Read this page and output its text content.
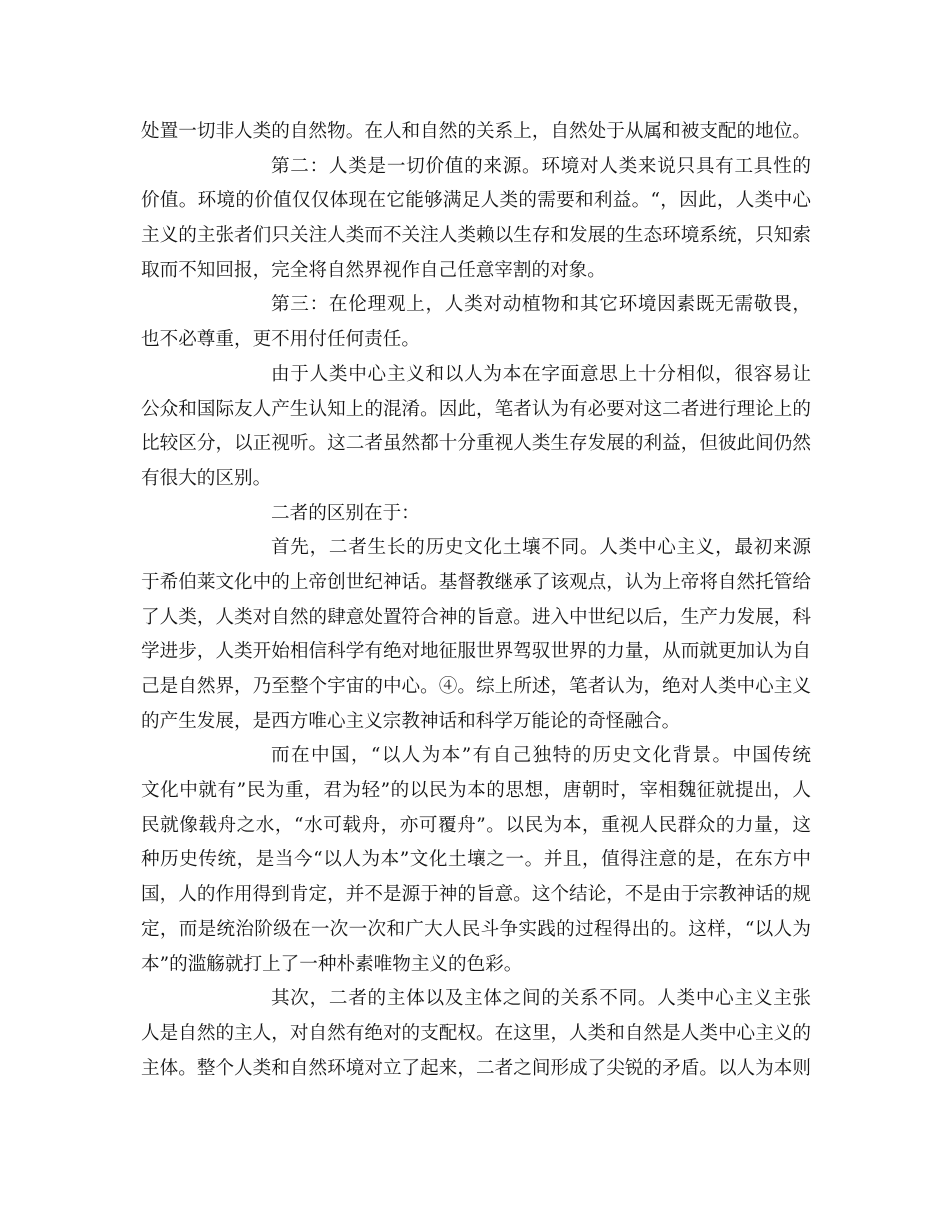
处置一切非人类的自然物。在人和自然的关系上，自然处于从属和被支配的地位。
第二：人类是一切价值的来源。环境对人类来说只具有工具性的
价值。环境的价值仅仅体现在它能够满足人类的需要和利益。“，因此，人类中心
主义的主张者们只关注人类而不关注人类赖以生存和发展的生态环境系统，只知索
取而不知回报，完全将自然界视作自己任意宰割的对象。
第三：在伦理观上，人类对动植物和其它环境因素既无需敬畏，
也不必尊重，更不用付任何责任。
由于人类中心主义和以人为本在字面意思上十分相似，很容易让
公众和国际友人产生认知上的混淆。因此，笔者认为有必要对这二者进行理论上的
比较区分，以正视听。这二者虽然都十分重视人类生存发展的利益，但彼此间仍然
有很大的区别。
二者的区别在于：
首先，二者生长的历史文化土壤不同。人类中心主义，最初来源
于希伯莱文化中的上帝创世纪神话。基督教继承了该观点，认为上帝将自然托管给
了人类，人类对自然的肆意处置符合神的旨意。进入中世纪以后，生产力发展，科
学进步，人类开始相信科学有绝对地征服世界驾驭世界的力量，从而就更加认为自
己是自然界，乃至整个宇宙的中心。④。综上所述，笔者认为，绝对人类中心主义
的产生发展，是西方唯心主义宗教神话和科学万能论的奇怪融合。
而在中国，“以人为本”有自己独特的历史文化背景。中国传统
文化中就有”民为重，君为轻”的以民为本的思想，唐朝时，宰相魏征就提出，人
民就像载舟之水，“水可载舟，亦可覆舟”。以民为本，重视人民群众的力量，这
种历史传统，是当今“以人为本”文化土壤之一。并且，值得注意的是，在东方中
国，人的作用得到肯定，并不是源于神的旨意。这个结论，不是由于宗教神话的规
定，而是统治阶级在一次一次和广大人民斗争实践的过程得出的。这样，“以人为
本”的滥觞就打上了一种朴素唯物主义的色彩。
其次，二者的主体以及主体之间的关系不同。人类中心主义主张
人是自然的主人，对自然有绝对的支配权。在这里，人类和自然是人类中心主义的
主体。整个人类和自然环境对立了起来，二者之间形成了尖锐的矛盾。以人为本则
